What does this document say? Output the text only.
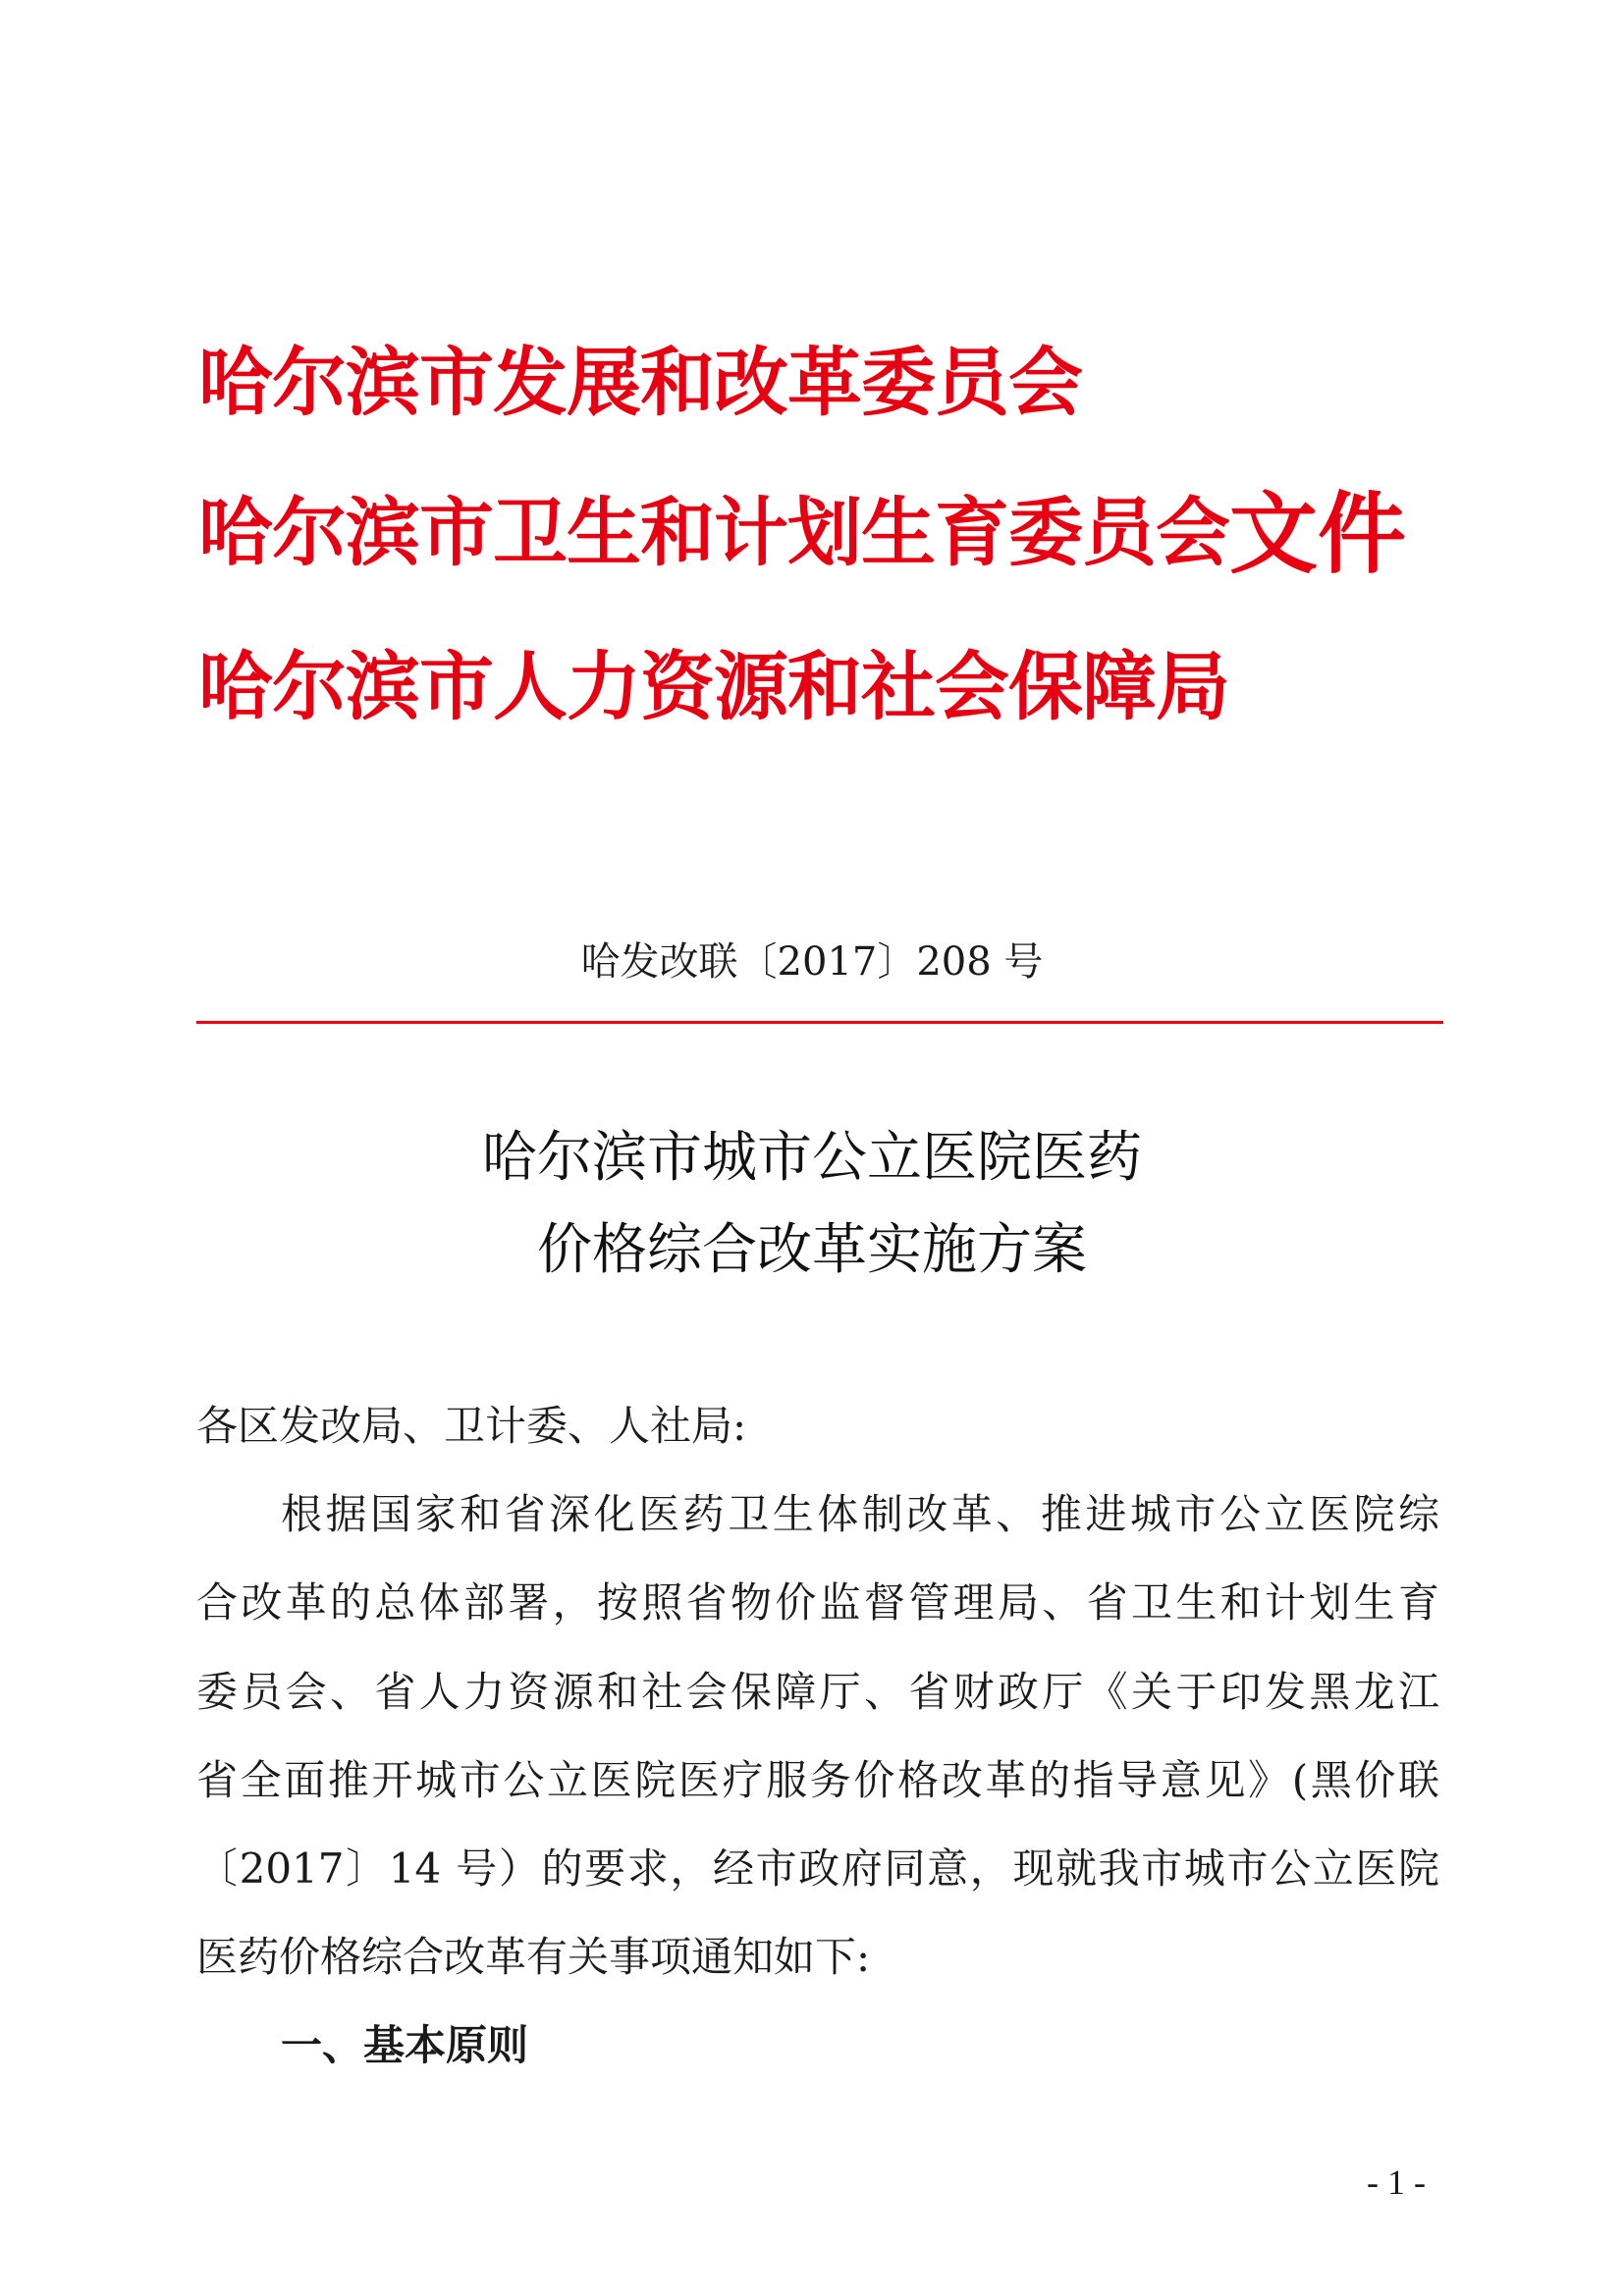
哈尔滨市发展和改革委员会
哈尔滨市卫生和计划生育委员会
哈尔滨市人力资源和社会保障局
文件
哈发改联〔2017〕208 号
哈尔滨市城市公立医院医药
价格综合改革实施方案
各区发改局、卫计委、人社局:
根据国家和省深化医药卫生体制改革、推进城市公立医院综
合改革的总体部署，按照省物价监督管理局、省卫生和计划生育
委员会、省人力资源和社会保障厅、省财政厅《关于印发黑龙江
省全面推开城市公立医院医疗服务价格改革的指导意见》(黑价联
〔2017〕14 号）的要求，经市政府同意，现就我市城市公立医院
医药价格综合改革有关事项通知如下:
一、基本原则
- 1 -
